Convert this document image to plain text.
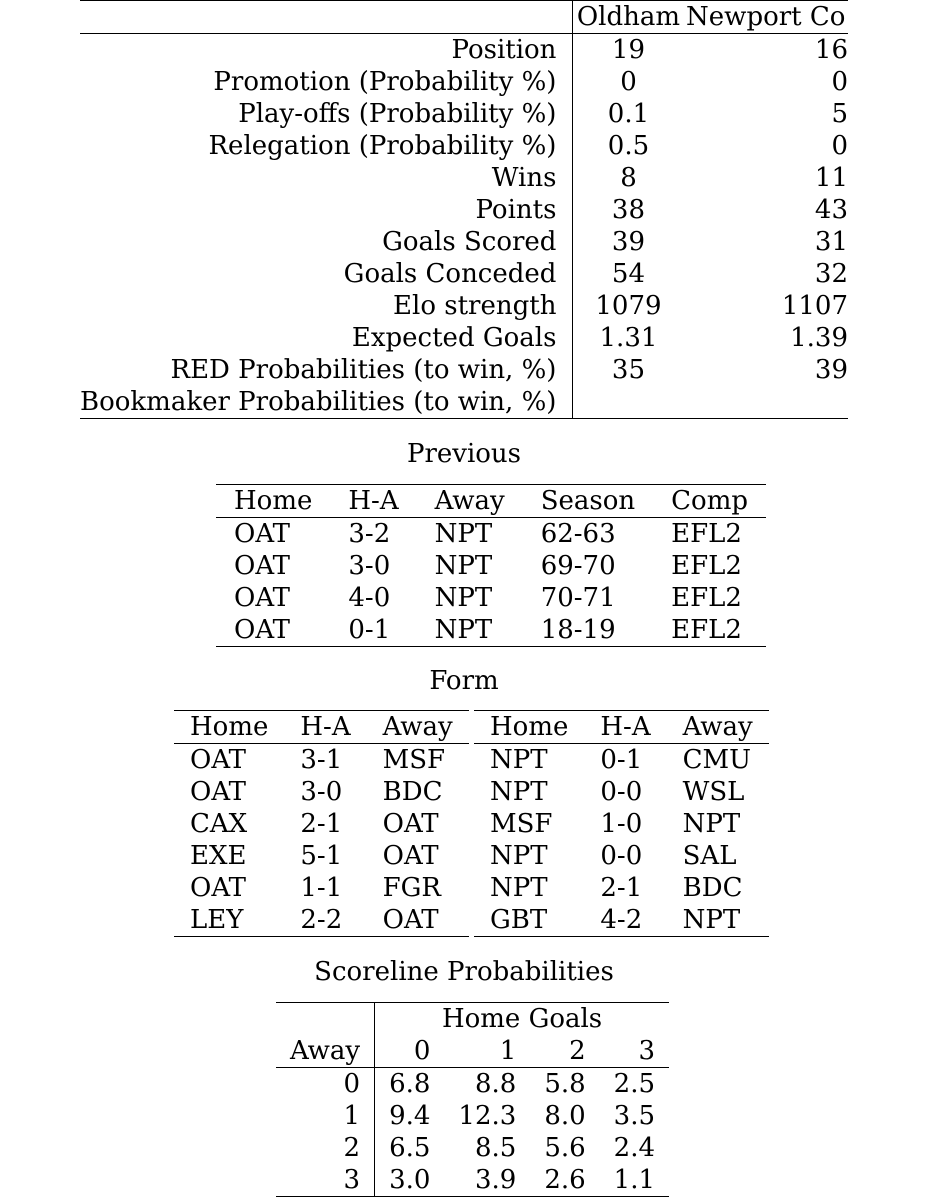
	Oldham	Newport Co
Position	19	16
Promotion (Probability %)	0	0
Play-offs (Probability %)	0.1	5
Relegation (Probability %)	0.5	0
Wins	8	11
Points	38	43
Goals Scored	39	31
Goals Conceded	54	32
Elo strength	1079	1107
Expected Goals	1.31	1.39
RED Probabilities (to win, %)	35	39
Bookmaker Probabilities (to win, %)		
Previous
Home	H-A	Away	Season	Comp
OAT	3-2	NPT	62-63	EFL2
OAT	3-0	NPT	69-70	EFL2
OAT	4-0	NPT	70-71	EFL2
OAT	0-1	NPT	18-19	EFL2
Form
Home	H-A	Away
OAT	3-1	MSF
OAT	3-0	BDC
CAX	2-1	OAT
EXE	5-1	OAT
OAT	1-1	FGR
LEY	2-2	OAT
Home	H-A	Away
NPT	0-1	CMU
NPT	0-0	WSL
MSF	1-0	NPT
NPT	0-0	SAL
NPT	2-1	BDC
GBT	4-2	NPT
Scoreline Probabilities
	Home Goals			
Away	0	1	2	3
0	6.8	8.8	5.8	2.5
1	9.4	12.3	8.0	3.5
2	6.5	8.5	5.6	2.4
3	3.0	3.9	2.6	1.1
